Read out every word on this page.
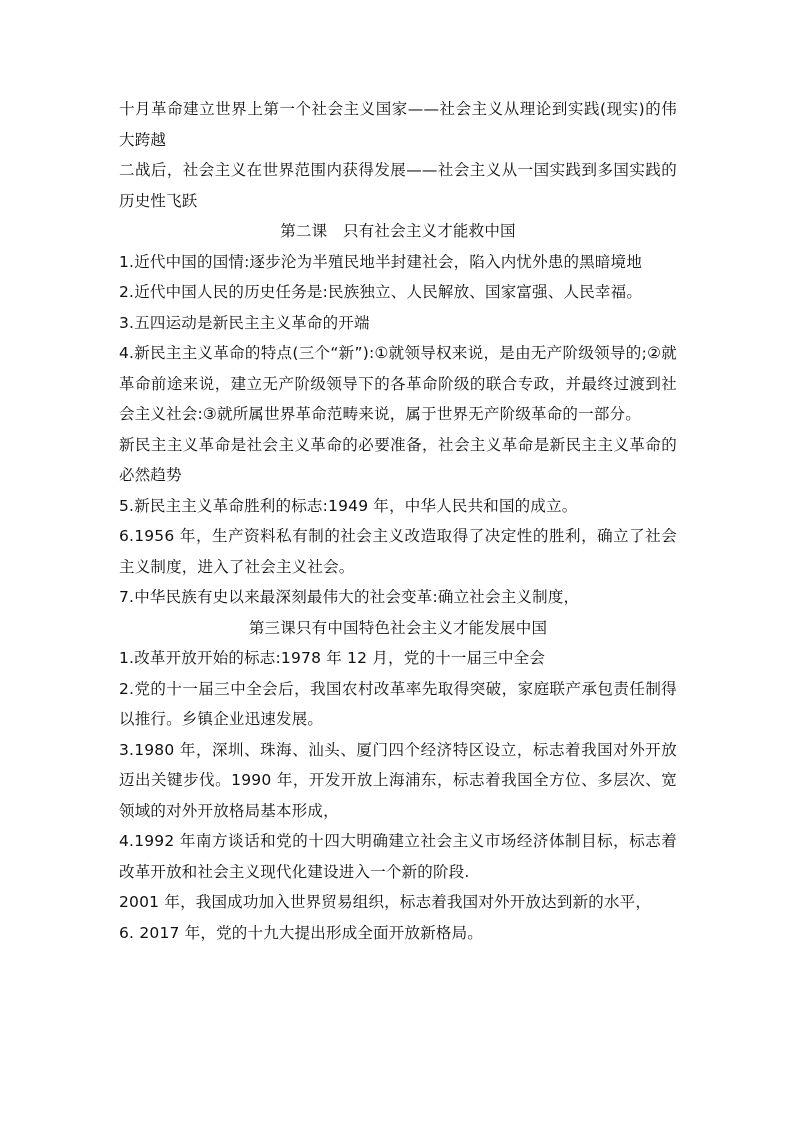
十月革命建立世界上第一个社会主义国家——社会主义从理论到实践(现实)的伟大跨越

二战后，社会主义在世界范围内获得发展——社会主义从一国实践到多国实践的历史性飞跃

第二课　只有社会主义才能救中国

1.近代中国的国情:逐步沦为半殖民地半封建社会，陷入内忧外患的黑暗境地

2.近代中国人民的历史任务是:民族独立、人民解放、国家富强、人民幸福。

3.五四运动是新民主主义革命的开端

4.新民主主义革命的特点(三个“新”):①就领导权来说，是由无产阶级领导的;②就革命前途来说，建立无产阶级领导下的各革命阶级的联合专政，并最终过渡到社会主义社会:③就所属世界革命范畴来说，属于世界无产阶级革命的一部分。

新民主主义革命是社会主义革命的必要准备，社会主义革命是新民主主义革命的必然趋势

5.新民主主义革命胜利的标志:1949 年，中华人民共和国的成立。

6.1956 年，生产资料私有制的社会主义改造取得了决定性的胜利，确立了社会主义制度，进入了社会主义社会。

7.中华民族有史以来最深刻最伟大的社会变革:确立社会主义制度，

第三课只有中国特色社会主义才能发展中国

1.改革开放开始的标志:1978 年 12 月，党的十一届三中全会

2.党的十一届三中全会后，我国农村改革率先取得突破，家庭联产承包责任制得以推行。乡镇企业迅速发展。

3.1980 年，深圳、珠海、汕头、厦门四个经济特区设立，标志着我国对外开放迈出关键步伐。1990 年，开发开放上海浦东，标志着我国全方位、多层次、宽领域的对外开放格局基本形成，

4.1992 年南方谈话和党的十四大明确建立社会主义市场经济体制目标，标志着改革开放和社会主义现代化建设进入一个新的阶段.

2001 年，我国成功加入世界贸易组织，标志着我国对外开放达到新的水平，

6. 2017 年，党的十九大提出形成全面开放新格局。
